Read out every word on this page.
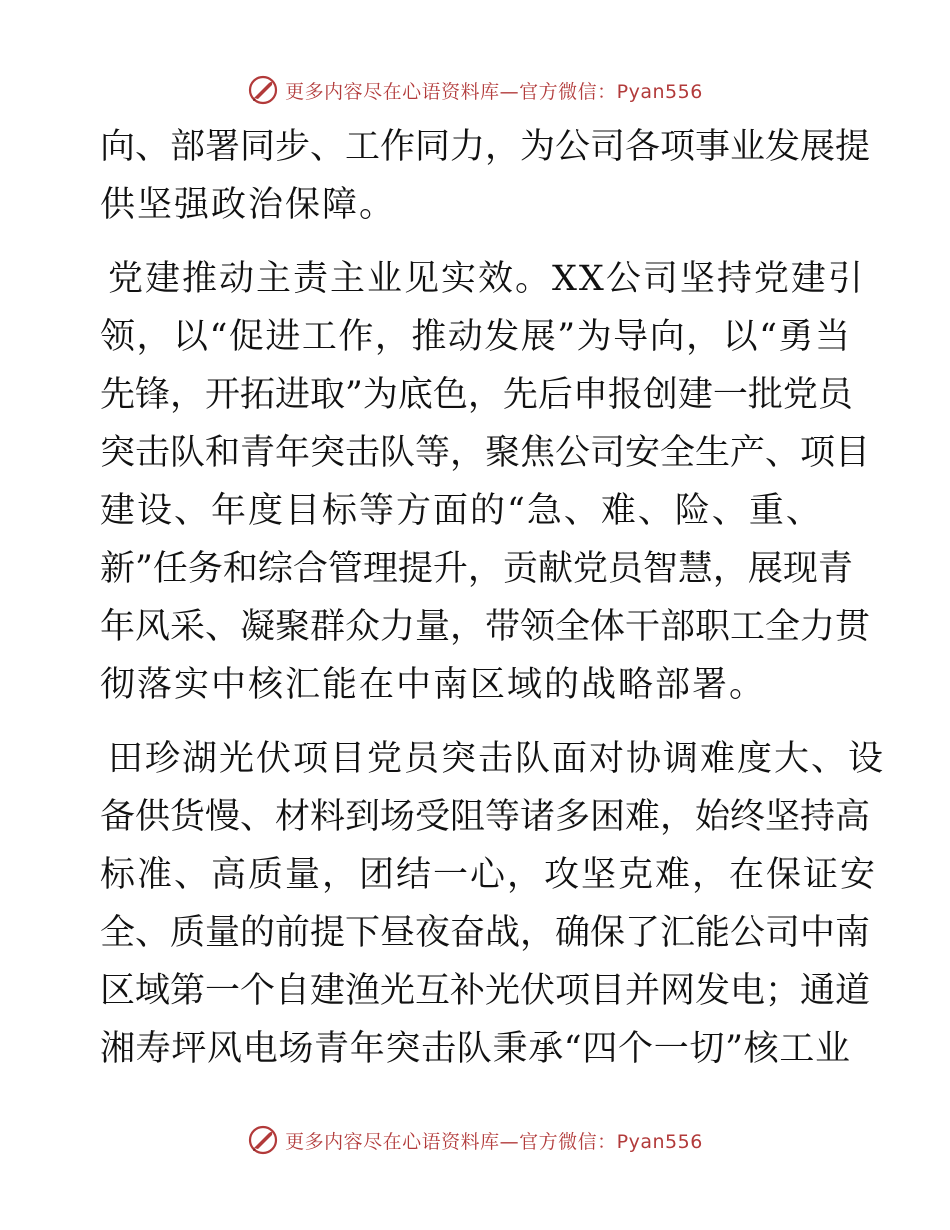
更多内容尽在心语资料库—官方微信：Pyan556
向、部署同步、工作同力，为公司各项事业发展提
供坚强政治保障。
党建推动主责主业见实效。XX公司坚持党建引
领，以“促进工作，推动发展”为导向，以“勇当
先锋，开拓进取”为底色，先后申报创建一批党员
突击队和青年突击队等，聚焦公司安全生产、项目
建设、年度目标等方面的“急、难、险、重、
新”任务和综合管理提升，贡献党员智慧，展现青
年风采、凝聚群众力量，带领全体干部职工全力贯
彻落实中核汇能在中南区域的战略部署。
田珍湖光伏项目党员突击队面对协调难度大、设
备供货慢、材料到场受阻等诸多困难，始终坚持高
标准、高质量，团结一心，攻坚克难，在保证安
全、质量的前提下昼夜奋战，确保了汇能公司中南
区域第一个自建渔光互补光伏项目并网发电；通道
湘寿坪风电场青年突击队秉承“四个一切”核工业
更多内容尽在心语资料库—官方微信：Pyan556
